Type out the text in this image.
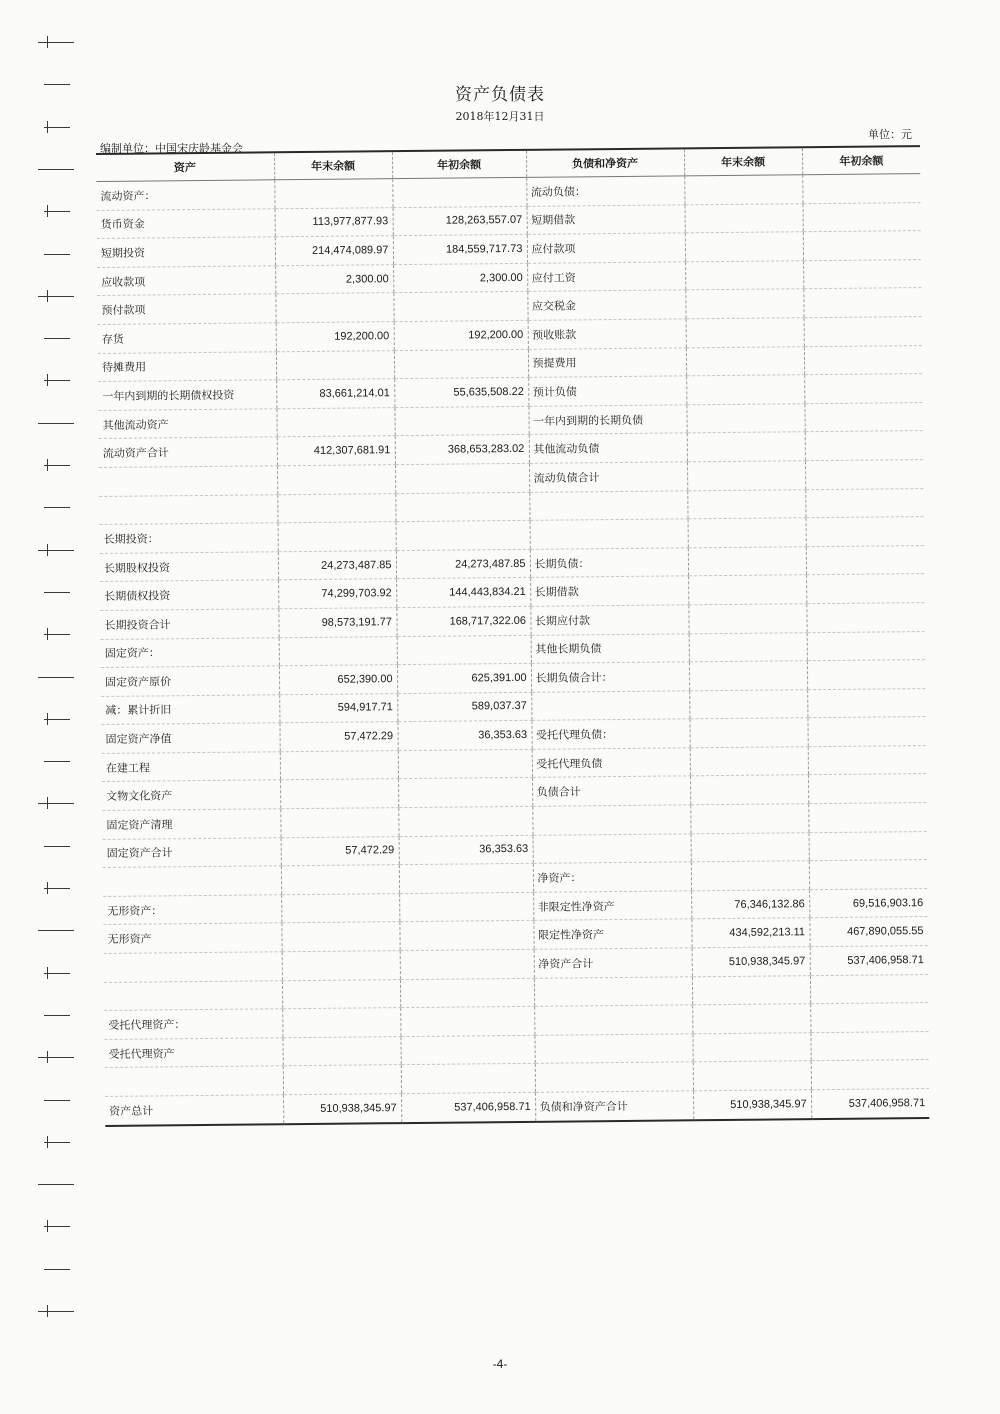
资产负债表
2018年12月31日
单位：元
编制单位：中国宋庆龄基金会
资产	年末余额	年初余额	负债和净资产	年末余额	年初余额
流动资产：			流动负债：		
货币资金	113,977,877.93	128,263,557.07	短期借款		
短期投资	214,474,089.97	184,559,717.73	应付款项		
应收款项	2,300.00	2,300.00	应付工资		
预付款项			应交税金		
存货	192,200.00	192,200.00	预收账款		
待摊费用			预提费用		
一年内到期的长期债权投资	83,661,214.01	55,635,508.22	预计负债		
其他流动资产			一年内到期的长期负债		
流动资产合计	412,307,681.91	368,653,283.02	其他流动负债		
			流动负债合计		

长期投资：					
长期股权投资	24,273,487.85	24,273,487.85	长期负债：		
长期债权投资	74,299,703.92	144,443,834.21	长期借款		
长期投资合计	98,573,191.77	168,717,322.06	长期应付款		
固定资产：			其他长期负债		
固定资产原价	652,390.00	625,391.00	长期负债合计：		
减：累计折旧	594,917.71	589,037.37			
固定资产净值	57,472.29	36,353.63	受托代理负债：		
在建工程			受托代理负债		
文物文化资产			负债合计		
固定资产清理					
固定资产合计	57,472.29	36,353.63			
			净资产：		
无形资产：			非限定性净资产	76,346,132.86	69,516,903.16
无形资产			限定性净资产	434,592,213.11	467,890,055.55
			净资产合计	510,938,345.97	537,406,958.71

受托代理资产：					
受托代理资产					

资产总计	510,938,345.97	537,406,958.71	负债和净资产合计	510,938,345.97	537,406,958.71
-4-
